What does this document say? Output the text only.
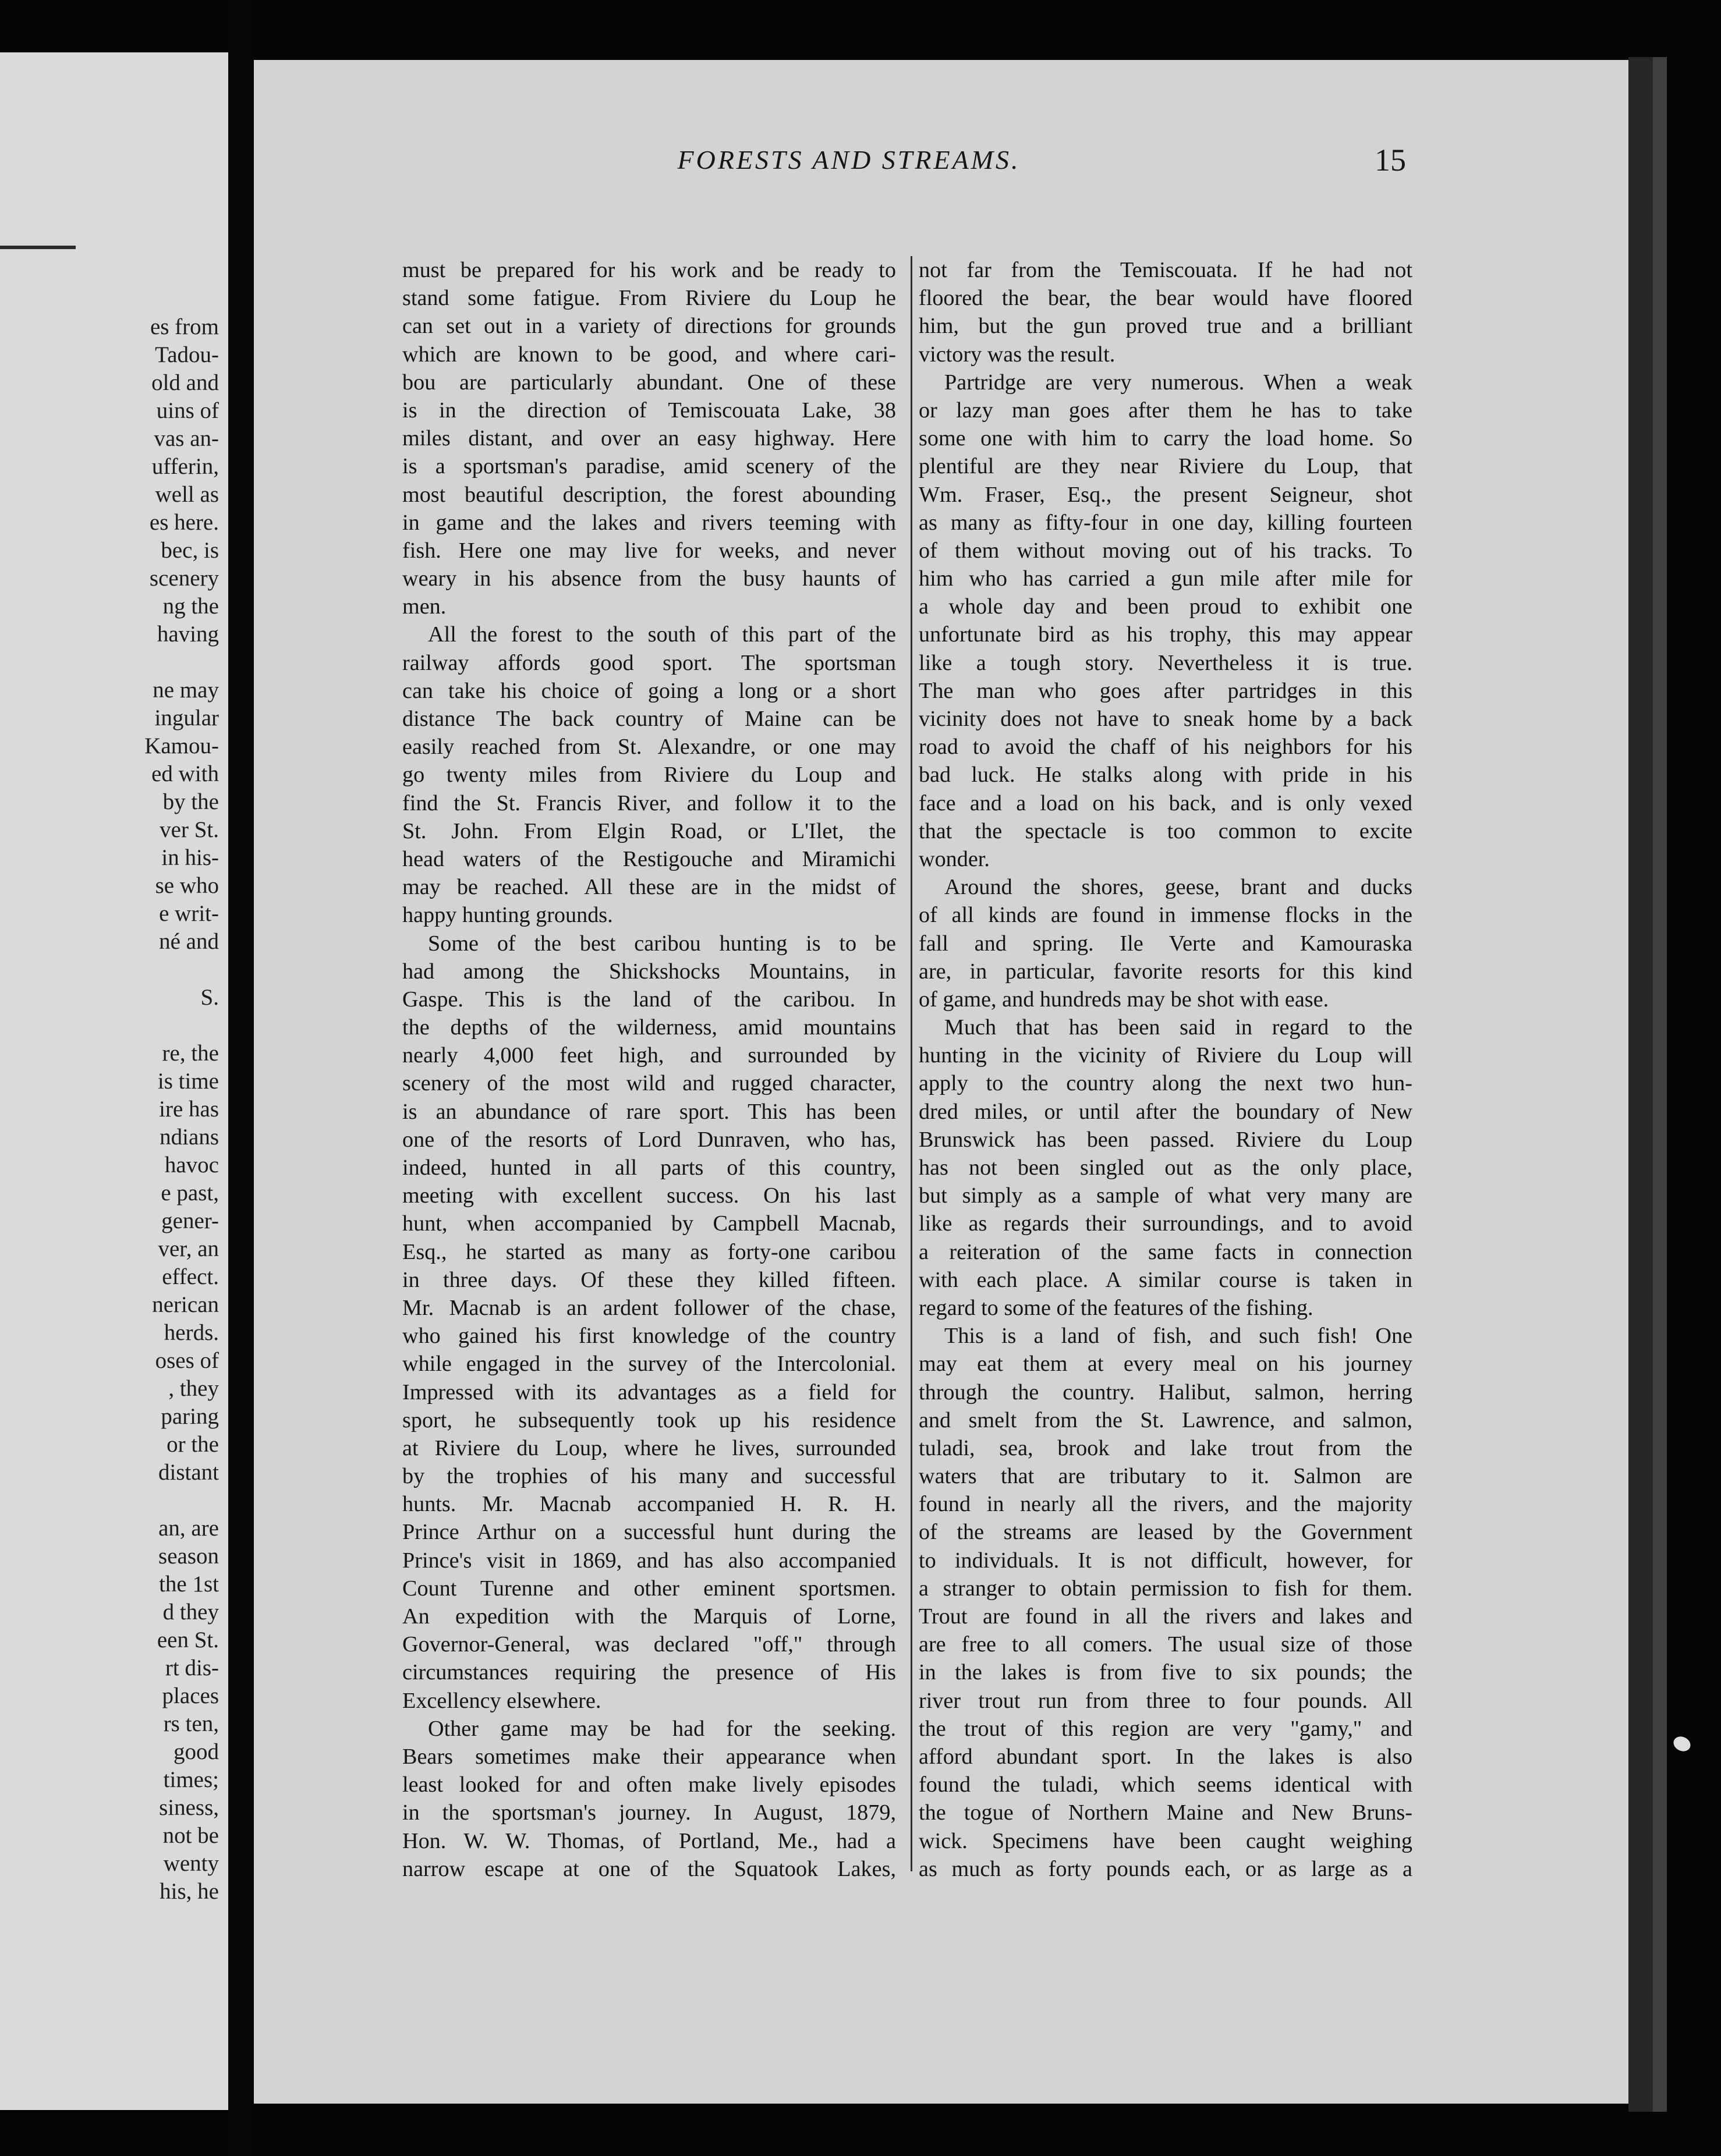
es from
Tadou-
old and
uins of
vas an-
ufferin,
well as
es here.
bec, is
scenery
ng the
having
ne may
ingular
Kamou-
ed with
by the
ver St.
in his-
se who
e writ-
né and
S.
re, the
is time
ire has
ndians
havoc
e past,
gener-
ver, an
effect.
nerican
herds.
oses of
, they
paring
or the
distant
an, are
season
the 1st
d they
een St.
rt dis-
places
rs ten,
good
times;
siness,
not be
wenty
his, he
FORESTS AND STREAMS.	15
must be prepared for his work and be ready to
stand some fatigue. From Riviere du Loup he
can set out in a variety of directions for grounds
which are known to be good, and where cari-
bou are particularly abundant. One of these
is in the direction of Temiscouata Lake, 38
miles distant, and over an easy highway. Here
is a sportsman's paradise, amid scenery of the
most beautiful description, the forest abounding
in game and the lakes and rivers teeming with
fish. Here one may live for weeks, and never
weary in his absence from the busy haunts of
men.
All the forest to the south of this part of the
railway affords good sport. The sportsman
can take his choice of going a long or a short
distance The back country of Maine can be
easily reached from St. Alexandre, or one may
go twenty miles from Riviere du Loup and
find the St. Francis River, and follow it to the
St. John. From Elgin Road, or L'Ilet, the
head waters of the Restigouche and Miramichi
may be reached. All these are in the midst of
happy hunting grounds.
Some of the best caribou hunting is to be
had among the Shickshocks Mountains, in
Gaspe. This is the land of the caribou. In
the depths of the wilderness, amid mountains
nearly 4,000 feet high, and surrounded by
scenery of the most wild and rugged character,
is an abundance of rare sport. This has been
one of the resorts of Lord Dunraven, who has,
indeed, hunted in all parts of this country,
meeting with excellent success. On his last
hunt, when accompanied by Campbell Macnab,
Esq., he started as many as forty-one caribou
in three days. Of these they killed fifteen.
Mr. Macnab is an ardent follower of the chase,
who gained his first knowledge of the country
while engaged in the survey of the Intercolonial.
Impressed with its advantages as a field for
sport, he subsequently took up his residence
at Riviere du Loup, where he lives, surrounded
by the trophies of his many and successful
hunts. Mr. Macnab accompanied H. R. H.
Prince Arthur on a successful hunt during the
Prince's visit in 1869, and has also accompanied
Count Turenne and other eminent sportsmen.
An expedition with the Marquis of Lorne,
Governor-General, was declared "off," through
circumstances requiring the presence of His
Excellency elsewhere.
Other game may be had for the seeking.
Bears sometimes make their appearance when
least looked for and often make lively episodes
in the sportsman's journey. In August, 1879,
Hon. W. W. Thomas, of Portland, Me., had a
narrow escape at one of the Squatook Lakes,
not far from the Temiscouata. If he had not
floored the bear, the bear would have floored
him, but the gun proved true and a brilliant
victory was the result.
Partridge are very numerous. When a weak
or lazy man goes after them he has to take
some one with him to carry the load home. So
plentiful are they near Riviere du Loup, that
Wm. Fraser, Esq., the present Seigneur, shot
as many as fifty-four in one day, killing fourteen
of them without moving out of his tracks. To
him who has carried a gun mile after mile for
a whole day and been proud to exhibit one
unfortunate bird as his trophy, this may appear
like a tough story. Nevertheless it is true.
The man who goes after partridges in this
vicinity does not have to sneak home by a back
road to avoid the chaff of his neighbors for his
bad luck. He stalks along with pride in his
face and a load on his back, and is only vexed
that the spectacle is too common to excite
wonder.
Around the shores, geese, brant and ducks
of all kinds are found in immense flocks in the
fall and spring. Ile Verte and Kamouraska
are, in particular, favorite resorts for this kind
of game, and hundreds may be shot with ease.
Much that has been said in regard to the
hunting in the vicinity of Riviere du Loup will
apply to the country along the next two hun-
dred miles, or until after the boundary of New
Brunswick has been passed. Riviere du Loup
has not been singled out as the only place,
but simply as a sample of what very many are
like as regards their surroundings, and to avoid
a reiteration of the same facts in connection
with each place. A similar course is taken in
regard to some of the features of the fishing.
This is a land of fish, and such fish! One
may eat them at every meal on his journey
through the country. Halibut, salmon, herring
and smelt from the St. Lawrence, and salmon,
tuladi, sea, brook and lake trout from the
waters that are tributary to it. Salmon are
found in nearly all the rivers, and the majority
of the streams are leased by the Government
to individuals. It is not difficult, however, for
a stranger to obtain permission to fish for them.
Trout are found in all the rivers and lakes and
are free to all comers. The usual size of those
in the lakes is from five to six pounds; the
river trout run from three to four pounds. All
the trout of this region are very "gamy," and
afford abundant sport. In the lakes is also
found the tuladi, which seems identical with
the togue of Northern Maine and New Bruns-
wick. Specimens have been caught weighing
as much as forty pounds each, or as large as a
